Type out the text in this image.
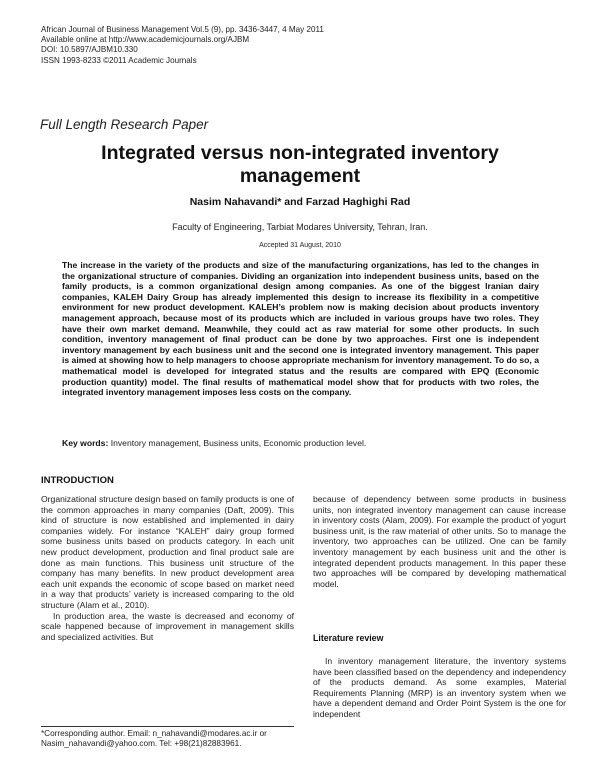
African Journal of Business Management Vol.5 (9), pp. 3436-3447, 4 May 2011
Available online at http://www.academicjournals.org/AJBM
DOI: 10.5897/AJBM10.330
ISSN 1993-8233 ©2011 Academic Journals
Full Length Research Paper
Integrated versus non-integrated inventory
management
Nasim Nahavandi* and Farzad Haghighi Rad
Faculty of Engineering, Tarbiat Modares University, Tehran, Iran.
Accepted 31 August, 2010
The increase in the variety of the products and size of the manufacturing organizations, has led to the changes in the organizational structure of companies. Dividing an organization into independent business units, based on the family products, is a common organizational design among companies. As one of the biggest Iranian dairy companies, KALEH Dairy Group has already implemented this design to increase its flexibility in a competitive environment for new product development. KALEH’s problem now is making decision about products inventory management approach, because most of its products which are included in various groups have two roles. They have their own market demand. Meanwhile, they could act as raw material for some other products. In such condition, inventory management of final product can be done by two approaches. First one is independent inventory management by each business unit and the second one is integrated inventory management. This paper is aimed at showing how to help managers to choose appropriate mechanism for inventory management. To do so, a mathematical model is developed for integrated status and the results are compared with EPQ (Economic production quantity) model. The final results of mathematical model show that for products with two roles, the integrated inventory management imposes less costs on the company.
Key words: Inventory management, Business units, Economic production level.
INTRODUCTION

Organizational structure design based on family products is one of the common approaches in many companies (Daft, 2009). This kind of structure is now established and implemented in dairy companies widely. For instance “KALEH” dairy group formed some business units based on products category. In each unit new product development, production and final product sale are done as main functions. This business unit structure of the company has many benefits. In new product development area each unit expands the economic of scope based on market need in a way that products’ variety is increased comparing to the old structure (Alam et al., 2010).

In production area, the waste is decreased and economy of scale happened because of improvement in management skills and specialized activities. But

because of dependency between some products in business units, non integrated inventory management can cause increase in inventory costs (Alam, 2009). For example the product of yogurt business unit, is the raw material of other units. So to manage the inventory, two approaches can be utilized. One can be family inventory management by each business unit and the other is integrated dependent products management. In this paper these two approaches will be compared by developing mathematical model.

Literature review

In inventory management literature, the inventory systems have been classified based on the dependency and independency of the products demand. As some examples, Material Requirements Planning (MRP) is an inventory system when we have a dependent demand and Order Point System is the one for independent

*Corresponding author. Email: n_nahavandi@modares.ac.ir or Nasim_nahavandi@yahoo.com. Tel: +98(21)82883961.
